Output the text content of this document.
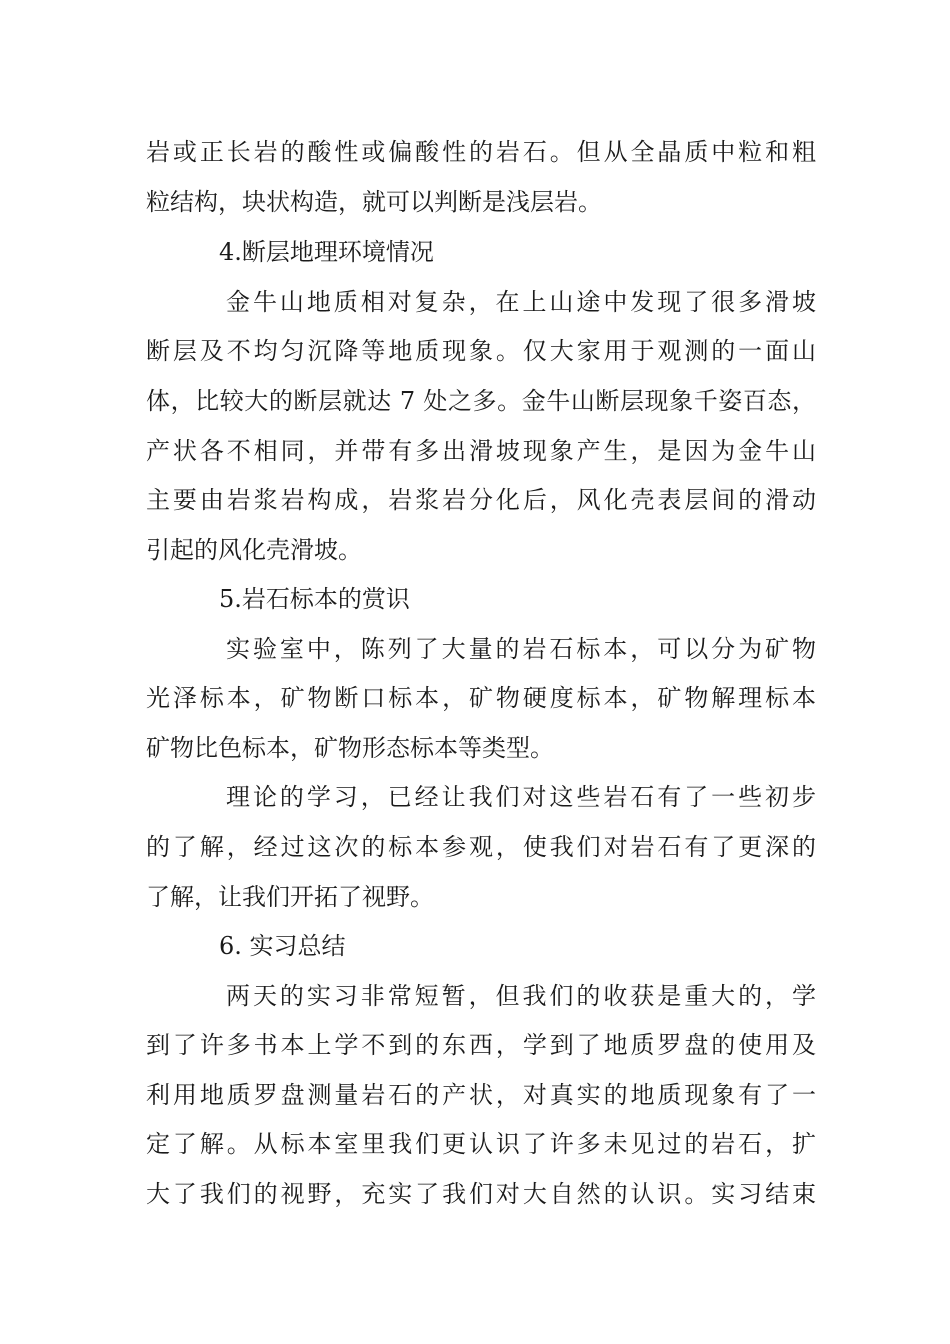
岩或正长岩的酸性或偏酸性的岩石。但从全晶质中粒和粗
粒结构，块状构造，就可以判断是浅层岩。
4.断层地理环境情况
金牛山地质相对复杂，在上山途中发现了很多滑坡
断层及不均匀沉降等地质现象。仅大家用于观测的一面山
体，比较大的断层就达 7 处之多。金牛山断层现象千姿百态，
产状各不相同，并带有多出滑坡现象产生，是因为金牛山
主要由岩浆岩构成，岩浆岩分化后，风化壳表层间的滑动
引起的风化壳滑坡。
5.岩石标本的赏识
实验室中，陈列了大量的岩石标本，可以分为矿物
光泽标本，矿物断口标本，矿物硬度标本，矿物解理标本
矿物比色标本，矿物形态标本等类型。
理论的学习，已经让我们对这些岩石有了一些初步
的了解，经过这次的标本参观，使我们对岩石有了更深的
了解，让我们开拓了视野。
6. 实习总结
两天的实习非常短暂，但我们的收获是重大的，学
到了许多书本上学不到的东西，学到了地质罗盘的使用及
利用地质罗盘测量岩石的产状，对真实的地质现象有了一
定了解。从标本室里我们更认识了许多未见过的岩石，扩
大了我们的视野，充实了我们对大自然的认识。实习结束
